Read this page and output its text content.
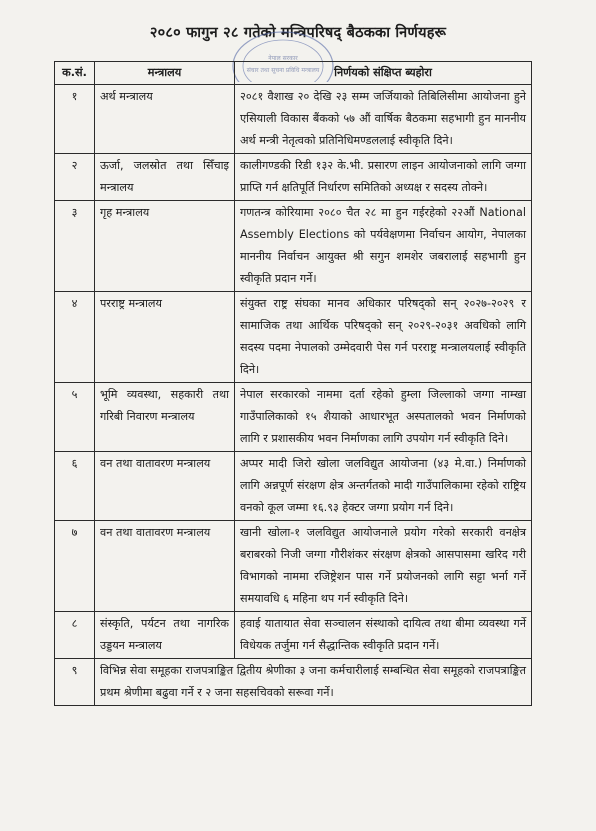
२०८० फागुन २८ गतेको मन्त्रिपरिषद् बैठकका निर्णयहरू
नेपाल सरकार
संचार तथा सूचना प्रविधि मन्त्रालय
क.सं.	मन्त्रालय	निर्णयको संक्षिप्त ब्यहोरा
१	अर्थ मन्त्रालय	२०८१ वैशाख २० देखि २३ सम्म जर्जियाको तिबिलिसीमा आयोजना हुने एसियाली विकास बैंकको ५७ औं वार्षिक बैठकमा सहभागी हुन माननीय अर्थ मन्त्री नेतृत्वको प्रतिनिधिमण्डललाई स्वीकृति दिने।
२	ऊर्जा, जलस्रोत तथा सिँचाइ मन्त्रालय	कालीगण्डकी रिडी १३२ के.भी. प्रसारण लाइन आयोजनाको लागि जग्गा प्राप्ति गर्न क्षतिपूर्ति निर्धारण समितिको अध्यक्ष र सदस्य तोक्ने।
३	गृह मन्त्रालय	गणतन्त्र कोरियामा २०८० चैत २८ मा हुन गईरहेको २२औं National Assembly Elections को पर्यवेक्षणमा निर्वाचन आयोग, नेपालका माननीय निर्वाचन आयुक्त श्री सगुन शमशेर जबरालाई सहभागी हुन स्वीकृति प्रदान गर्ने।
४	परराष्ट्र मन्त्रालय	संयुक्त राष्ट्र संघका मानव अधिकार परिषद्को सन् २०२७-२०२९ र सामाजिक तथा आर्थिक परिषद्को सन् २०२९-२०३१ अवधिको लागि सदस्य पदमा नेपालको उम्मेदवारी पेस गर्न परराष्ट्र मन्त्रालयलाई स्वीकृति दिने।
५	भूमि व्यवस्था, सहकारी तथा गरिबी निवारण मन्त्रालय	नेपाल सरकारको नाममा दर्ता रहेको हुम्ला जिल्लाको जग्गा नाम्खा गाउँपालिकाको १५ शैयाको आधारभूत अस्पतालको भवन निर्माणको लागि र प्रशासकीय भवन निर्माणका लागि उपयोग गर्न स्वीकृति दिने।
६	वन तथा वातावरण मन्त्रालय	अप्पर मादी जिरो खोला जलविद्युत आयोजना (४३ मे.वा.) निर्माणको लागि अन्नपूर्ण संरक्षण क्षेत्र अन्तर्गतको मादी गाउँपालिकामा रहेको राष्ट्रिय वनको कूल जम्मा १६.९३ हेक्टर जग्गा प्रयोग गर्न दिने।
७	वन तथा वातावरण मन्त्रालय	खानी खोला-१ जलविद्युत आयोजनाले प्रयोग गरेको सरकारी वनक्षेत्र बराबरको निजी जग्गा गौरीशंकर संरक्षण क्षेत्रको आसपासमा खरिद गरी विभागको नाममा रजिष्ट्रेशन पास गर्ने प्रयोजनको लागि सट्टा भर्ना गर्ने समयावधि ६ महिना थप गर्न स्वीकृति दिने।
८	संस्कृति, पर्यटन तथा नागरिक उड्डयन मन्त्रालय	हवाई यातायात सेवा सञ्चालन संस्थाको दायित्व तथा बीमा व्यवस्था गर्ने विधेयक तर्जुमा गर्न सैद्धान्तिक स्वीकृति प्रदान गर्ने।
९	विभिन्न सेवा समूहका राजपत्राङ्कित द्वितीय श्रेणीका ३ जना कर्मचारीलाई सम्बन्धित सेवा समूहको राजपत्राङ्कित प्रथम श्रेणीमा बढुवा गर्ने र २ जना सहसचिवको सरूवा गर्ने।	
